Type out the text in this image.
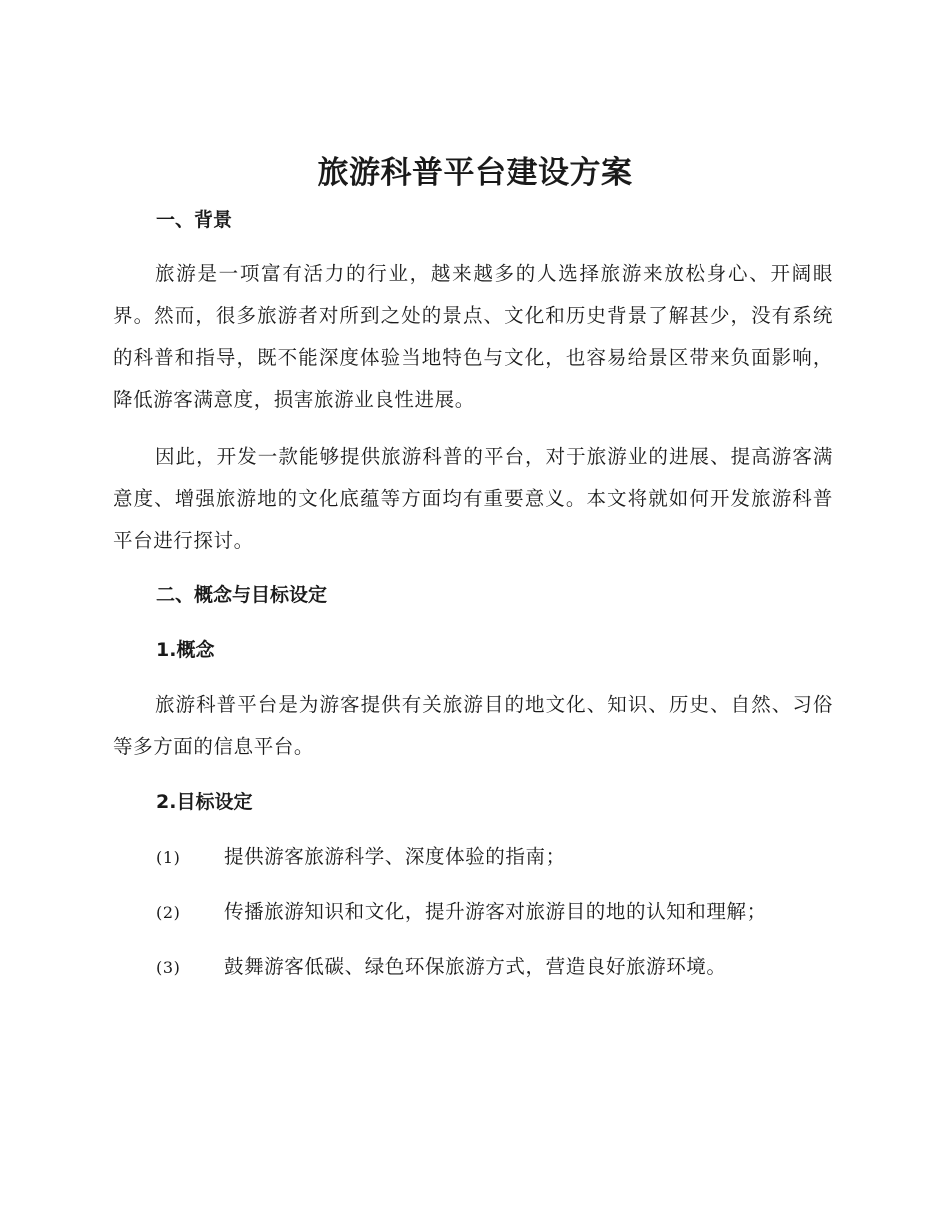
旅游科普平台建设方案
一、背景

旅游是一项富有活力的行业，越来越多的人选择旅游来放松身心、开阔眼界。然而，很多旅游者对所到之处的景点、文化和历史背景了解甚少，没有系统的科普和指导，既不能深度体验当地特色与文化，也容易给景区带来负面影响，降低游客满意度，损害旅游业良性进展。

因此，开发一款能够提供旅游科普的平台，对于旅游业的进展、提高游客满意度、增强旅游地的文化底蕴等方面均有重要意义。本文将就如何开发旅游科普平台进行探讨。

二、概念与目标设定
1.概念

旅游科普平台是为游客提供有关旅游目的地文化、知识、历史、自然、习俗等多方面的信息平台。

2.目标设定
(1) 提供游客旅游科学、深度体验的指南；
(2) 传播旅游知识和文化，提升游客对旅游目的地的认知和理解；
(3) 鼓舞游客低碳、绿色环保旅游方式，营造良好旅游环境。
